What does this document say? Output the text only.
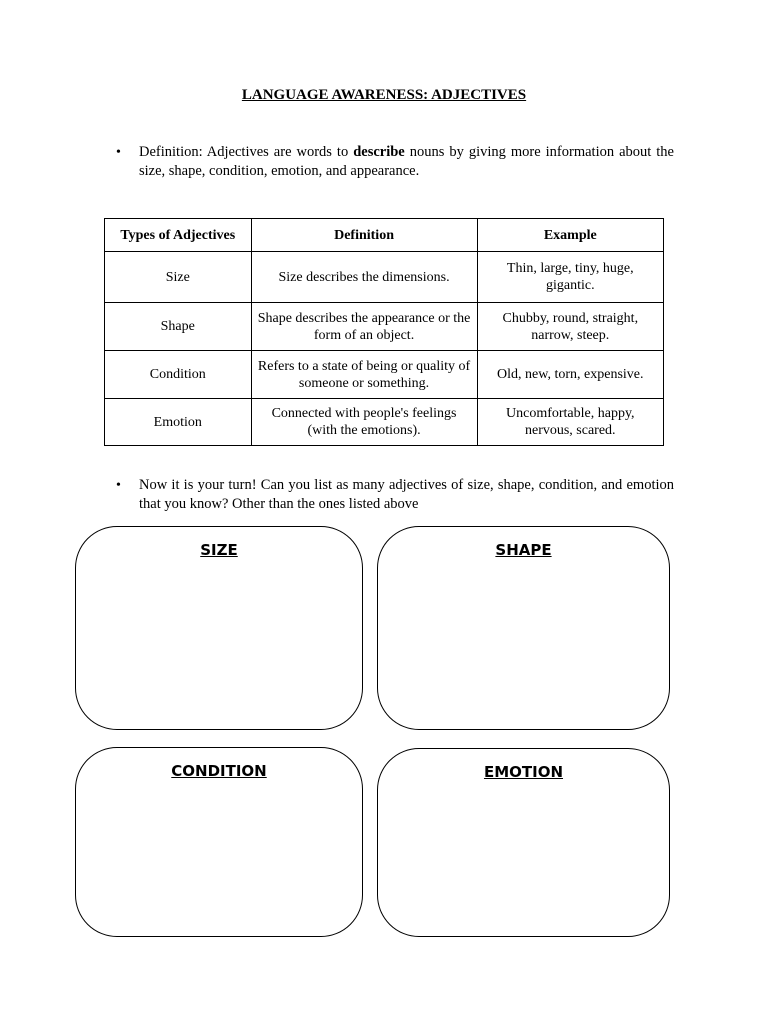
LANGUAGE AWARENESS: ADJECTIVES
• Definition: Adjectives are words to describe nouns by giving more information about the size, shape, condition, emotion, and appearance.
Types of Adjectives	Definition	Example
Size	Size describes the dimensions.	Thin, large, tiny, huge, gigantic.
Shape	Shape describes the appearance or the form of an object.	Chubby, round, straight, narrow, steep.
Condition	Refers to a state of being or quality of someone or something.	Old, new, torn, expensive.
Emotion	Connected with people's feelings (with the emotions).	Uncomfortable, happy, nervous, scared.
• Now it is your turn! Can you list as many adjectives of size, shape, condition, and emotion that you know? Other than the ones listed above
SIZE	SHAPE
CONDITION	EMOTION
